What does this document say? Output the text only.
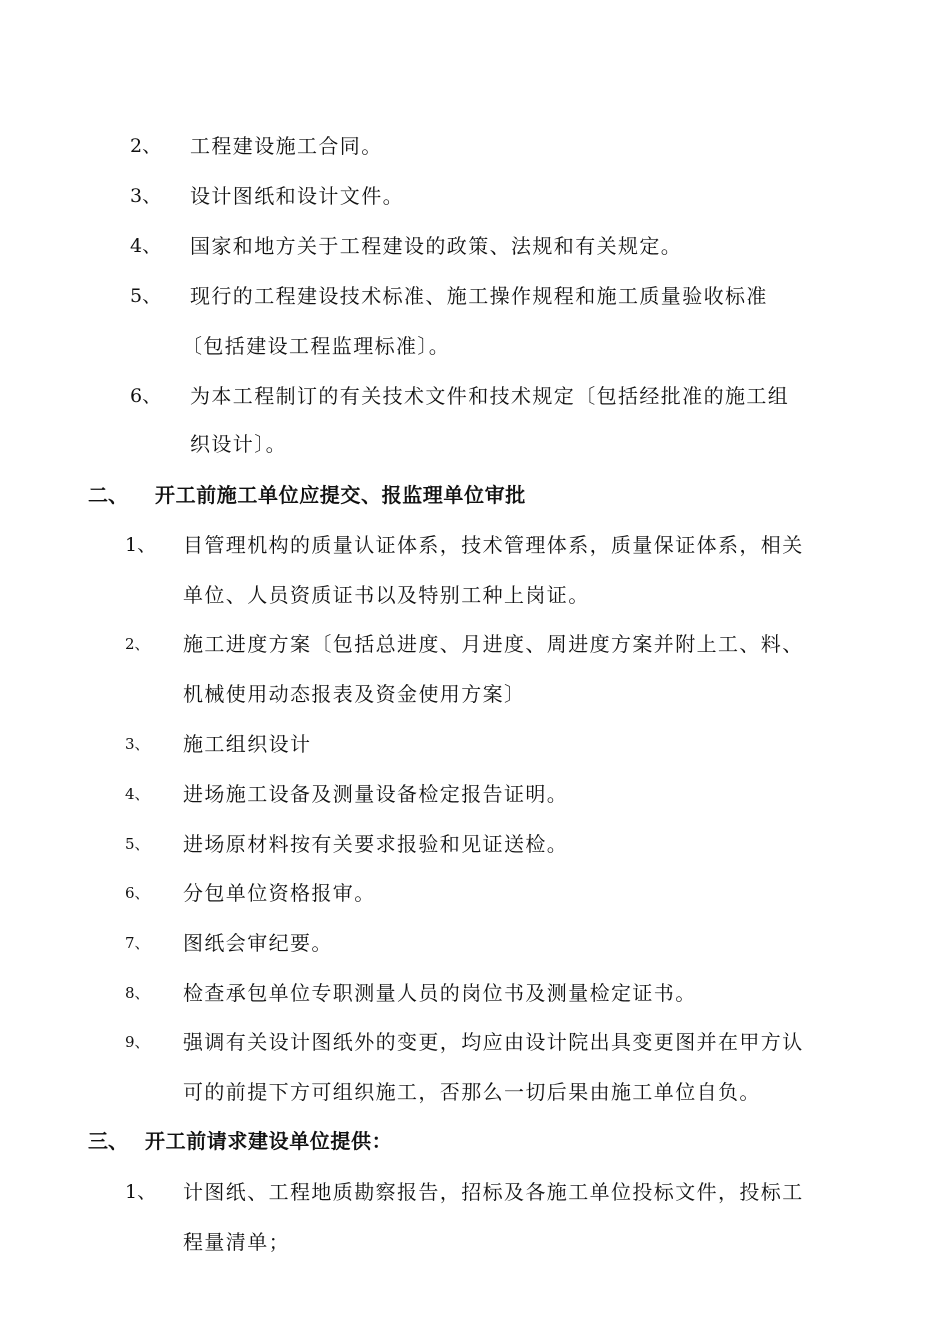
2、 工程建设施工合同。
3、 设计图纸和设计文件。
4、 国家和地方关于工程建设的政策、法规和有关规定。
5、 现行的工程建设技术标准、施工操作规程和施工质量验收标准
〔包括建设工程监理标准〕。
6、 为本工程制订的有关技术文件和技术规定〔包括经批准的施工组
织设计〕。
二、 开工前施工单位应提交、报监理单位审批
1、 目管理机构的质量认证体系，技术管理体系，质量保证体系，相关
单位、人员资质证书以及特别工种上岗证。
2、 施工进度方案〔包括总进度、月进度、周进度方案并附上工、料、
机械使用动态报表及资金使用方案〕
3、 施工组织设计
4、 进场施工设备及测量设备检定报告证明。
5、 进场原材料按有关要求报验和见证送检。
6、 分包单位资格报审。
7、 图纸会审纪要。
8、 检查承包单位专职测量人员的岗位书及测量检定证书。
9、 强调有关设计图纸外的变更，均应由设计院出具变更图并在甲方认
可的前提下方可组织施工，否那么一切后果由施工单位自负。
三、 开工前请求建设单位提供：
1、 计图纸、工程地质勘察报告，招标及各施工单位投标文件，投标工
程量清单；
